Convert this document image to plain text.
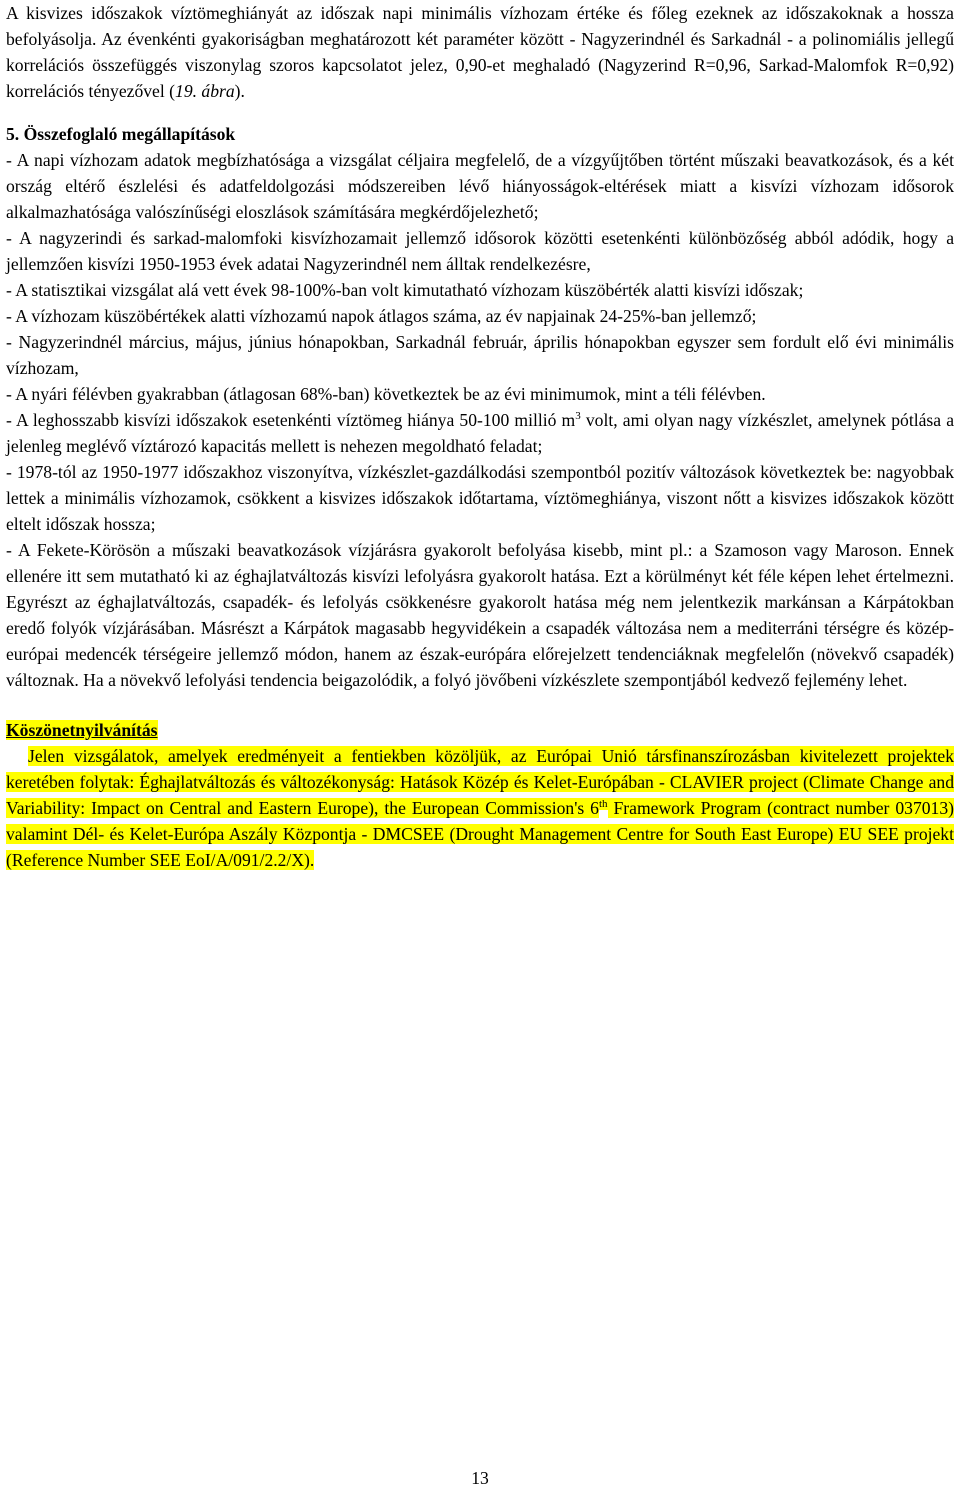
A kisvizes időszakok víztömeghiányát az időszak napi minimális vízhozam értéke és főleg ezeknek az időszakoknak a hossza befolyásolja. Az évenkénti gyakoriságban meghatározott két paraméter között - Nagyzerindnél és Sarkadnál - a polinomiális jellegű korrelációs összefüggés viszonylag szoros kapcsolatot jelez, 0,90-et meghaladó (Nagyzerind R=0,96, Sarkad-Malomfok R=0,92) korrelációs tényezővel (19. ábra).

5. Összefoglaló megállapítások

- A napi vízhozam adatok megbízhatósága a vizsgálat céljaira megfelelő, de a vízgyűjtőben történt műszaki beavatkozások, és a két ország eltérő észlelési és adatfeldolgozási módszereiben lévő hiányosságok-eltérések miatt a kisvízi vízhozam idősorok alkalmazhatósága valószínűségi eloszlások számítására megkérdőjelezhető;

- A nagyzerindi és sarkad-malomfoki kisvízhozamait jellemző idősorok közötti esetenkénti különbözőség abból adódik, hogy a jellemzően kisvízi 1950-1953 évek adatai Nagyzerindnél nem álltak rendelkezésre,

- A statisztikai vizsgálat alá vett évek 98-100%-ban volt kimutatható vízhozam küszöbérték alatti kisvízi időszak;

- A vízhozam küszöbértékek alatti vízhozamú napok átlagos száma, az év napjainak 24-25%-ban jellemző;

- Nagyzerindnél március, május, június hónapokban, Sarkadnál február, április hónapokban egyszer sem fordult elő évi minimális vízhozam,

- A nyári félévben gyakrabban (átlagosan 68%-ban) következtek be az évi minimumok, mint a téli félévben.

- A leghosszabb kisvízi időszakok esetenkénti víztömeg hiánya 50-100 millió $m^3$ volt, ami olyan nagy vízkészlet, amelynek pótlása a jelenleg meglévő víztározó kapacitás mellett is nehezen megoldható feladat;

- 1978-tól az 1950-1977 időszakhoz viszonyítva, vízkészlet-gazdálkodási szempontból pozitív változások következtek be: nagyobbak lettek a minimális vízhozamok, csökkent a kisvizes időszakok időtartama, víztömeghiánya, viszont nőtt a kisvizes időszakok között eltelt időszak hossza;

- A Fekete-Körösön a műszaki beavatkozások vízjárásra gyakorolt befolyása kisebb, mint pl.: a Szamoson vagy Maroson. Ennek ellenére itt sem mutatható ki az éghajlatváltozás kisvízi lefolyásra gyakorolt hatása. Ezt a körülményt két féle képen lehet értelmezni. Egyrészt az éghajlatváltozás, csapadék- és lefolyás csökkenésre gyakorolt hatása még nem jelentkezik markánsan a Kárpátokban eredő folyók vízjárásában. Másrészt a Kárpátok magasabb hegyvidékein a csapadék változása nem a mediterráni térségre és közép-európai medencék térségeire jellemző módon, hanem az észak-európára előrejelzett tendenciáknak megfelelőn (növekvő csapadék) változnak. Ha a növekvő lefolyási tendencia beigazolódik, a folyó jövőbeni vízkészlete szempontjából kedvező fejlemény lehet.

Köszönetnyilvánítás

Jelen vizsgálatok, amelyek eredményeit a fentiekben közöljük, az Európai Unió társfinanszírozásban kivitelezett projektek keretében folytak: Éghajlatváltozás és változékonyság: Hatások Közép és Kelet-Európában - CLAVIER project (Climate Change and Variability: Impact on Central and Eastern Europe), the European Commission's 6th Framework Program (contract number 037013) valamint Dél- és Kelet-Európa Aszály Központja - DMCSEE (Drought Management Centre for South East Europe) EU SEE projekt (Reference Number SEE EoI/A/091/2.2/X).

13
